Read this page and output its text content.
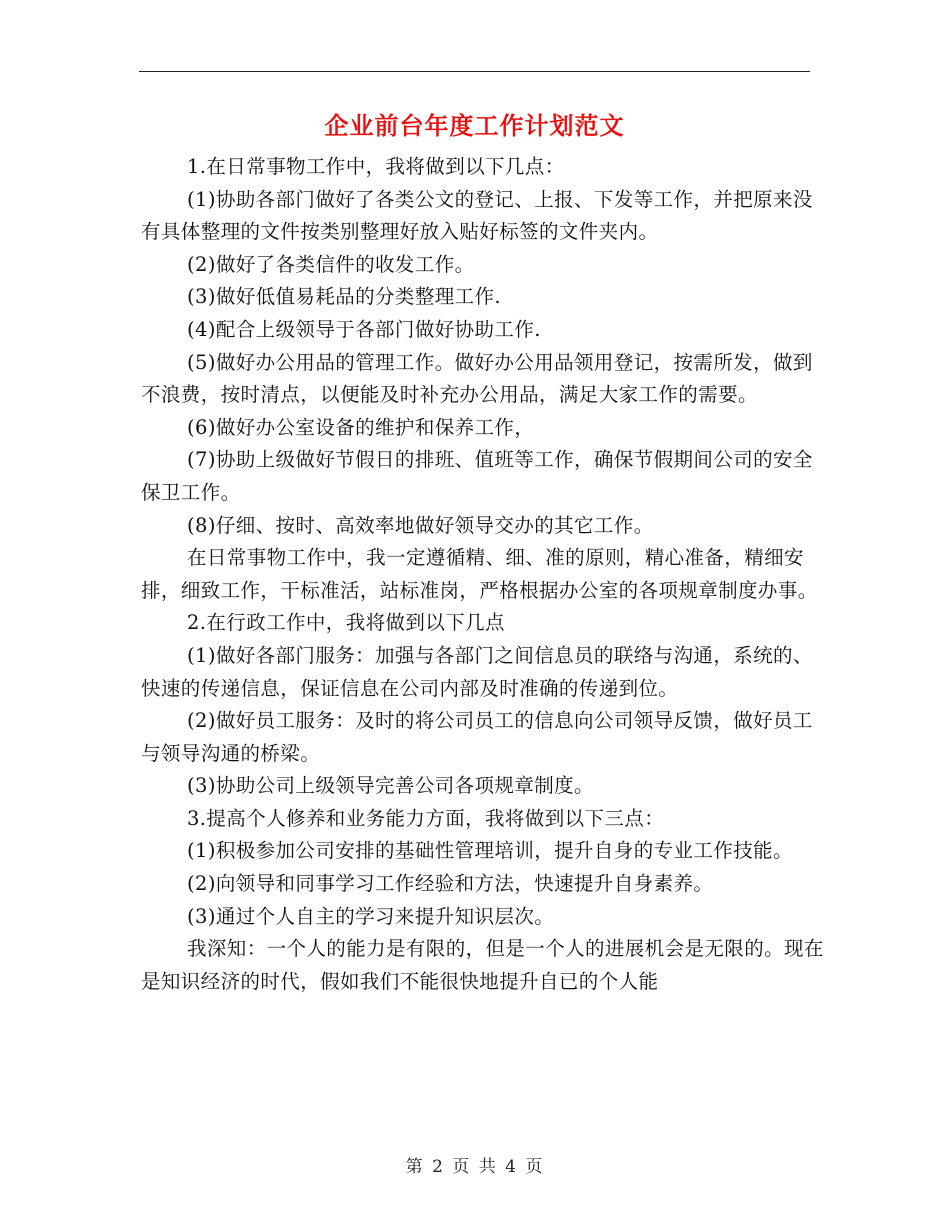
企业前台年度工作计划范文

1.在日常事物工作中，我将做到以下几点：

(1)协助各部门做好了各类公文的登记、上报、下发等工作，并把原来没有具体整理的文件按类别整理好放入贴好标签的文件夹内。

(2)做好了各类信件的收发工作。

(3)做好低值易耗品的分类整理工作.

(4)配合上级领导于各部门做好协助工作.

(5)做好办公用品的管理工作。做好办公用品领用登记，按需所发，做到不浪费，按时清点，以便能及时补充办公用品，满足大家工作的需要。

(6)做好办公室设备的维护和保养工作，

(7)协助上级做好节假日的排班、值班等工作，确保节假期间公司的安全保卫工作。

(8)仔细、按时、高效率地做好领导交办的其它工作。

在日常事物工作中，我一定遵循精、细、准的原则，精心准备，精细安排，细致工作，干标准活，站标准岗，严格根据办公室的各项规章制度办事。

2.在行政工作中，我将做到以下几点

(1)做好各部门服务：加强与各部门之间信息员的联络与沟通，系统的、快速的传递信息，保证信息在公司内部及时准确的传递到位。

(2)做好员工服务：及时的将公司员工的信息向公司领导反馈，做好员工与领导沟通的桥梁。

(3)协助公司上级领导完善公司各项规章制度。

3.提高个人修养和业务能力方面，我将做到以下三点：

(1)积极参加公司安排的基础性管理培训，提升自身的专业工作技能。

(2)向领导和同事学习工作经验和方法，快速提升自身素养。

(3)通过个人自主的学习来提升知识层次。

我深知：一个人的能力是有限的，但是一个人的进展机会是无限的。现在是知识经济的时代，假如我们不能很快地提升自已的个人能

第 2 页 共 4 页
